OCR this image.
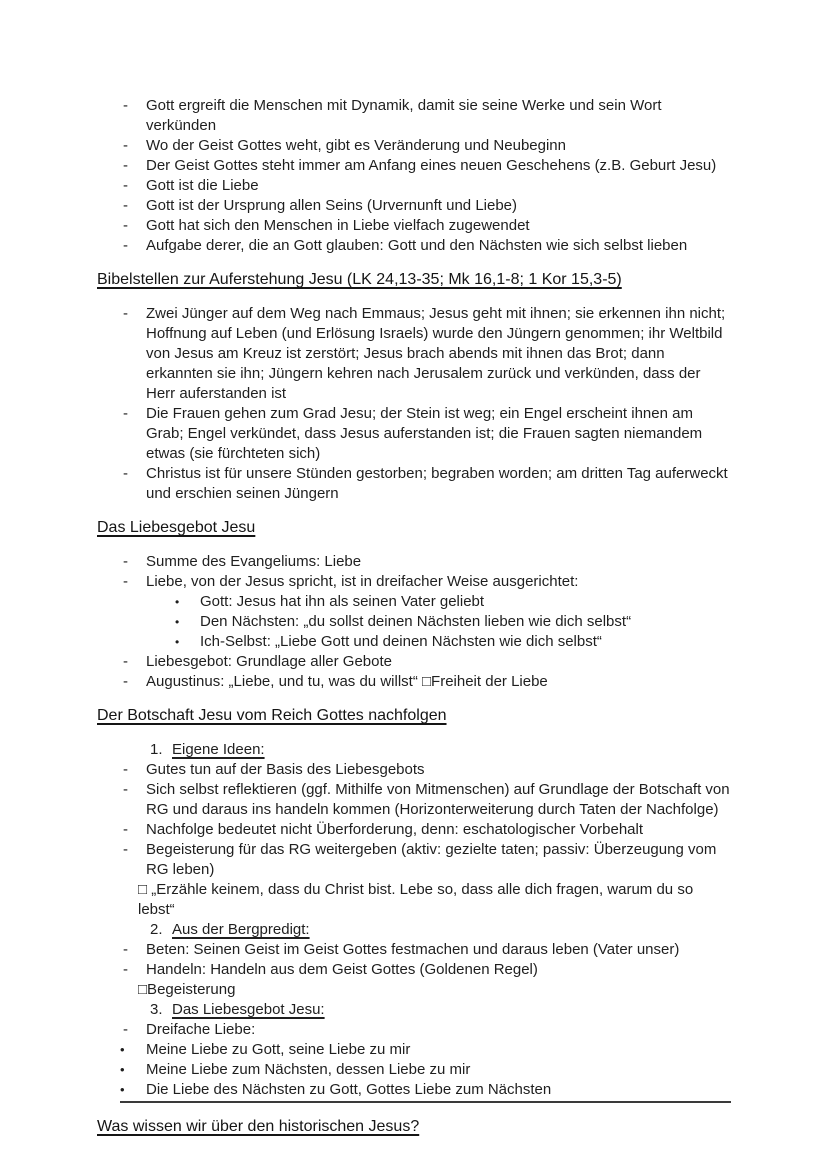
- Gott ergreift die Menschen mit Dynamik, damit sie seine Werke und sein Wort verkünden
- Wo der Geist Gottes weht, gibt es Veränderung und Neubeginn
- Der Geist Gottes steht immer am Anfang eines neuen Geschehens (z.B. Geburt Jesu)
- Gott ist die Liebe
- Gott ist der Ursprung allen Seins (Urvernunft und Liebe)
- Gott hat sich den Menschen in Liebe vielfach zugewendet
- Aufgabe derer, die an Gott glauben: Gott und den Nächsten wie sich selbst lieben
Bibelstellen zur Auferstehung Jesu (LK 24,13-35; Mk 16,1-8; 1 Kor 15,3-5)
- Zwei Jünger auf dem Weg nach Emmaus; Jesus geht mit ihnen; sie erkennen ihn nicht; Hoffnung auf Leben (und Erlösung Israels) wurde den Jüngern genommen; ihr Weltbild von Jesus am Kreuz ist zerstört; Jesus brach abends mit ihnen das Brot; dann erkannten sie ihn; Jüngern kehren nach Jerusalem zurück und verkünden, dass der Herr auferstanden ist
- Die Frauen gehen zum Grad Jesu; der Stein ist weg; ein Engel erscheint ihnen am Grab; Engel verkündet, dass Jesus auferstanden ist; die Frauen sagten niemandem etwas (sie fürchteten sich)
- Christus ist für unsere Stünden gestorben; begraben worden; am dritten Tag auferweckt und erschien seinen Jüngern
Das Liebesgebot Jesu
- Summe des Evangeliums: Liebe
- Liebe, von der Jesus spricht, ist in dreifacher Weise ausgerichtet:
• Gott: Jesus hat ihn als seinen Vater geliebt
• Den Nächsten: „du sollst deinen Nächsten lieben wie dich selbst“
• Ich-Selbst: „Liebe Gott und deinen Nächsten wie dich selbst“
- Liebesgebot: Grundlage aller Gebote
- Augustinus: „Liebe, und tu, was du willst“ □Freiheit der Liebe
Der Botschaft Jesu vom Reich Gottes nachfolgen
1. Eigene Ideen:
- Gutes tun auf der Basis des Liebesgebots
- Sich selbst reflektieren (ggf. Mithilfe von Mitmenschen) auf Grundlage der Botschaft von RG und daraus ins handeln kommen (Horizonterweiterung durch Taten der Nachfolge)
- Nachfolge bedeutet nicht Überforderung, denn: eschatologischer Vorbehalt
- Begeisterung für das RG weitergeben (aktiv: gezielte taten; passiv: Überzeugung vom RG leben)
□ „Erzähle keinem, dass du Christ bist. Lebe so, dass alle dich fragen, warum du so lebst“
2. Aus der Bergpredigt:
- Beten: Seinen Geist im Geist Gottes festmachen und daraus leben (Vater unser)
- Handeln: Handeln aus dem Geist Gottes (Goldenen Regel)
□Begeisterung
3. Das Liebesgebot Jesu:
- Dreifache Liebe:
• Meine Liebe zu Gott, seine Liebe zu mir
• Meine Liebe zum Nächsten, dessen Liebe zu mir
• Die Liebe des Nächsten zu Gott, Gottes Liebe zum Nächsten
Was wissen wir über den historischen Jesus?
